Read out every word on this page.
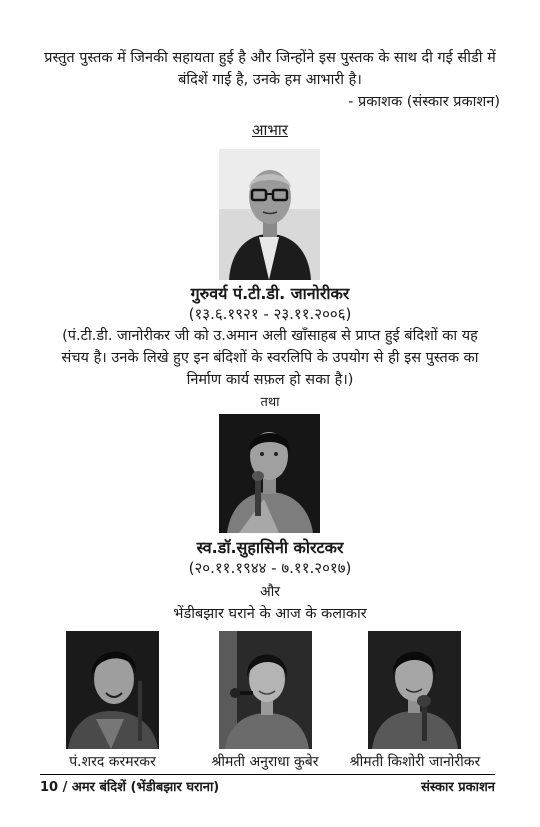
प्रस्तुत पुस्तक में जिनकी सहायता हुई है और जिन्होंने इस पुस्तक के साथ दी गई सीडी में बंदिशें गाई है, उनके हम आभारी है।
- प्रकाशक (संस्कार प्रकाशन)
आभार
गुरुवर्य पं.टी.डी. जानोरीकर
(१३.६.१९२१ - २३.११.२००६)
(पं.टी.डी. जानोरीकर जी को उ.अमान अली खाँसाहब से प्राप्त हुई बंदिशों का यह संचय है। उनके लिखे हुए इन बंदिशों के स्वरलिपि के उपयोग से ही इस पुस्तक का निर्माण कार्य सफ़ल हो सका है।)
तथा
स्व.डॉ.सुहासिनी कोरटकर
(२०.११.१९४४ - ७.११.२०१७)
और
भेंडीबझार घराने के आज के कलाकार
पं.शरद करमरकर	श्रीमती अनुराधा कुबेर	श्रीमती किशोरी जानोरीकर
10 / अमर बंदिशें (भेंडीबझार घराना)	संस्कार प्रकाशन
